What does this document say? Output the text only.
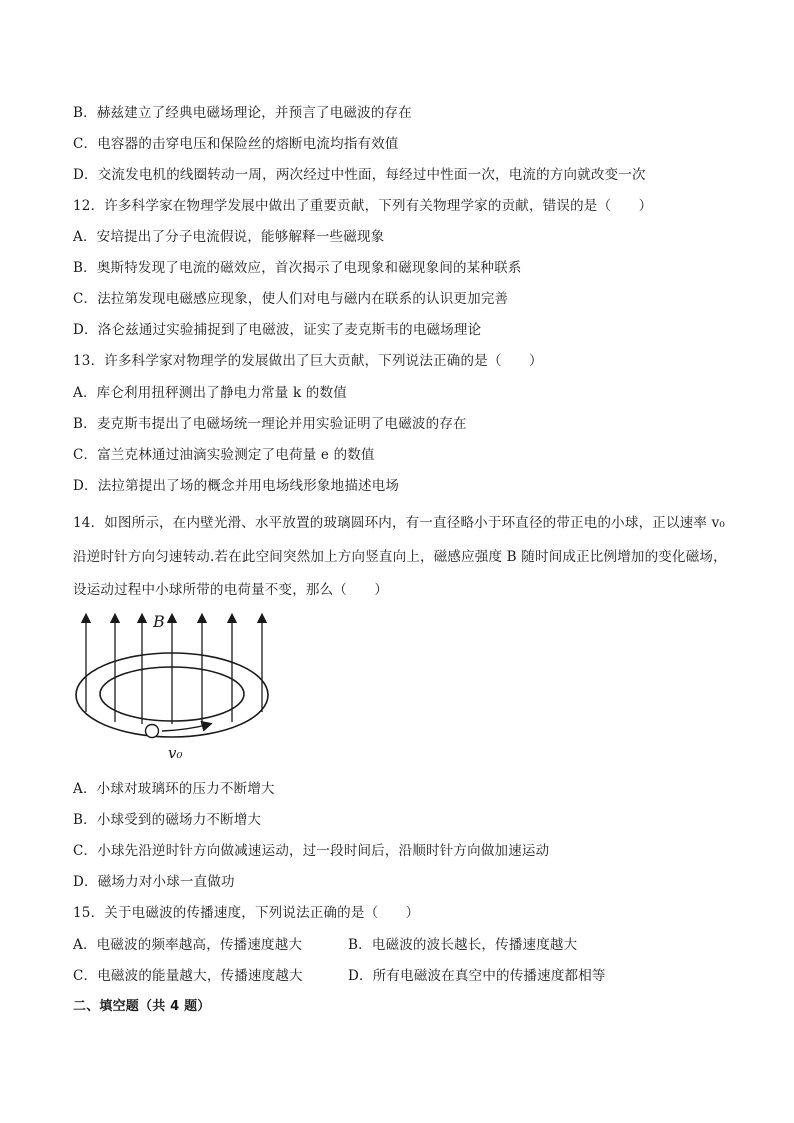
B．赫兹建立了经典电磁场理论，并预言了电磁波的存在
C．电容器的击穿电压和保险丝的熔断电流均指有效值
D．交流发电机的线圈转动一周，两次经过中性面，每经过中性面一次，电流的方向就改变一次
12．许多科学家在物理学发展中做出了重要贡献，下列有关物理学家的贡献，错误的是（　　）
A．安培提出了分子电流假说，能够解释一些磁现象
B．奥斯特发现了电流的磁效应，首次揭示了电现象和磁现象间的某种联系
C．法拉第发现电磁感应现象，使人们对电与磁内在联系的认识更加完善
D．洛仑兹通过实验捕捉到了电磁波，证实了麦克斯韦的电磁场理论
13．许多科学家对物理学的发展做出了巨大贡献，下列说法正确的是（　　）
A．库仑利用扭秤测出了静电力常量 k 的数值
B．麦克斯韦提出了电磁场统一理论并用实验证明了电磁波的存在
C．富兰克林通过油滴实验测定了电荷量 e 的数值
D．法拉第提出了场的概念并用电场线形象地描述电场
14．如图所示，在内壁光滑、水平放置的玻璃圆环内，有一直径略小于环直径的带正电的小球，正以速率 v₀
沿逆时针方向匀速转动.若在此空间突然加上方向竖直向上，磁感应强度 B 随时间成正比例增加的变化磁场，
设运动过程中小球所带的电荷量不变，那么（　　）
B
v₀
A．小球对玻璃环的压力不断增大
B．小球受到的磁场力不断增大
C．小球先沿逆时针方向做减速运动，过一段时间后，沿顺时针方向做加速运动
D．磁场力对小球一直做功
15．关于电磁波的传播速度，下列说法正确的是（　　）
A．电磁波的频率越高，传播速度越大	B．电磁波的波长越长，传播速度越大
C．电磁波的能量越大，传播速度越大	D．所有电磁波在真空中的传播速度都相等
二、填空题（共 4 题）
